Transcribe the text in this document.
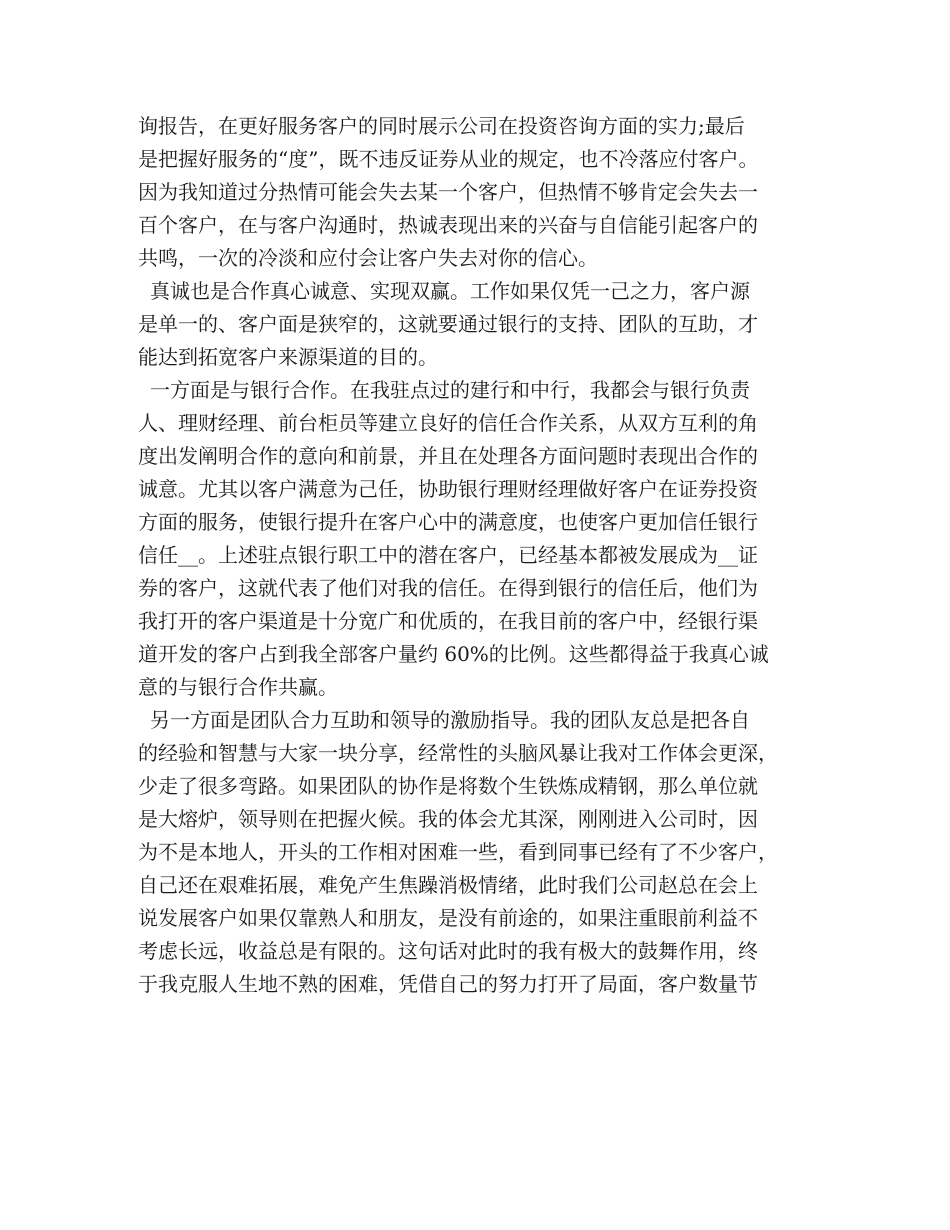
询报告，在更好服务客户的同时展示公司在投资咨询方面的实力;最后
是把握好服务的“度”，既不违反证券从业的规定，也不冷落应付客户。
因为我知道过分热情可能会失去某一个客户，但热情不够肯定会失去一
百个客户，在与客户沟通时，热诚表现出来的兴奋与自信能引起客户的
共鸣，一次的冷淡和应付会让客户失去对你的信心。
真诚也是合作真心诚意、实现双赢。工作如果仅凭一己之力，客户源
是单一的、客户面是狭窄的，这就要通过银行的支持、团队的互助，才
能达到拓宽客户来源渠道的目的。
一方面是与银行合作。在我驻点过的建行和中行，我都会与银行负责
人、理财经理、前台柜员等建立良好的信任合作关系，从双方互利的角
度出发阐明合作的意向和前景，并且在处理各方面问题时表现出合作的
诚意。尤其以客户满意为己任，协助银行理财经理做好客户在证券投资
方面的服务，使银行提升在客户心中的满意度，也使客户更加信任银行
信任__。上述驻点银行职工中的潜在客户，已经基本都被发展成为__证
券的客户，这就代表了他们对我的信任。在得到银行的信任后，他们为
我打开的客户渠道是十分宽广和优质的，在我目前的客户中，经银行渠
道开发的客户占到我全部客户量约 60%的比例。这些都得益于我真心诚
意的与银行合作共赢。
另一方面是团队合力互助和领导的激励指导。我的团队友总是把各自
的经验和智慧与大家一块分享，经常性的头脑风暴让我对工作体会更深，
少走了很多弯路。如果团队的协作是将数个生铁炼成精钢，那么单位就
是大熔炉，领导则在把握火候。我的体会尤其深，刚刚进入公司时，因
为不是本地人，开头的工作相对困难一些，看到同事已经有了不少客户，
自己还在艰难拓展，难免产生焦躁消极情绪，此时我们公司赵总在会上
说发展客户如果仅靠熟人和朋友，是没有前途的，如果注重眼前利益不
考虑长远，收益总是有限的。这句话对此时的我有极大的鼓舞作用，终
于我克服人生地不熟的困难，凭借自己的努力打开了局面，客户数量节
